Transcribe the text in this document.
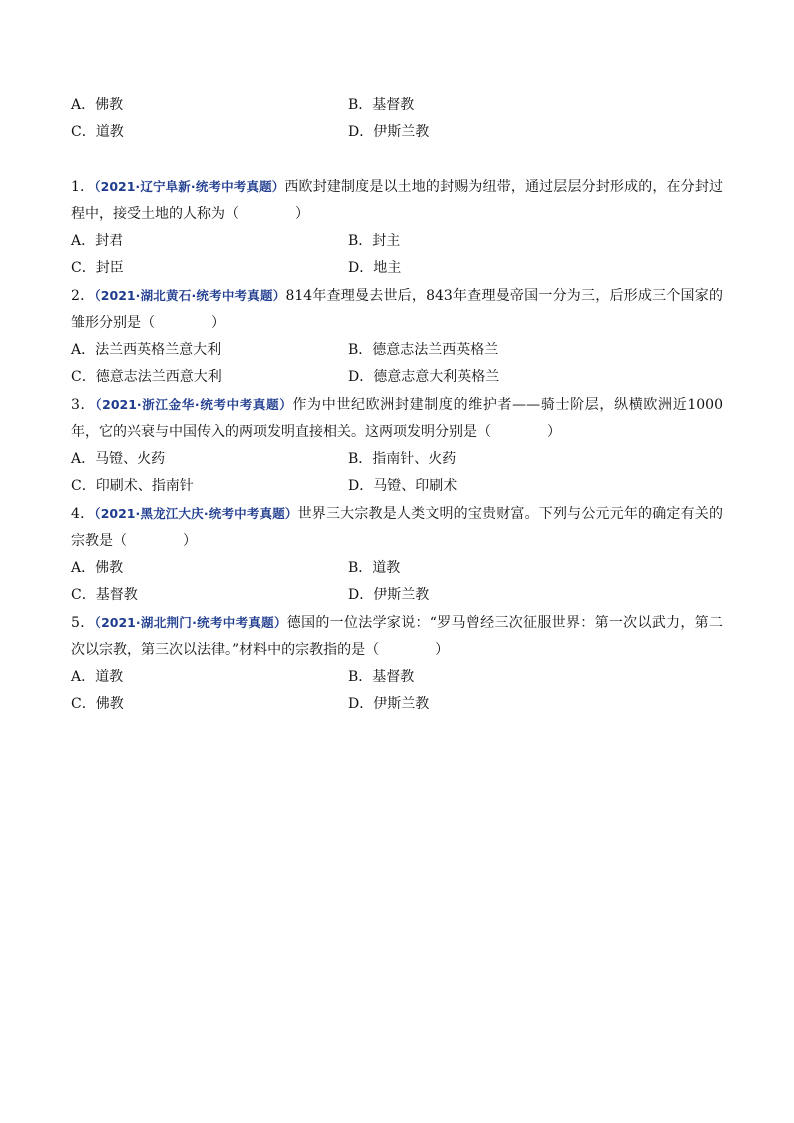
A．佛教	B．基督教
C．道教	D．伊斯兰教
1．（2021·辽宁阜新·统考中考真题）西欧封建制度是以土地的封赐为纽带，通过层层分封形成的，在分封过程中，接受土地的人称为（　　　　）
A．封君	B．封主
C．封臣	D．地主
2．（2021·湖北黄石·统考中考真题）814年查理曼去世后，843年查理曼帝国一分为三，后形成三个国家的雏形分别是（　　　　）
A．法兰西英格兰意大利	B．德意志法兰西英格兰
C．德意志法兰西意大利	D．德意志意大利英格兰
3．（2021·浙江金华·统考中考真题）作为中世纪欧洲封建制度的维护者——骑士阶层，纵横欧洲近1000年，它的兴衰与中国传入的两项发明直接相关。这两项发明分别是（　　　　）
A．马镫、火药	B．指南针、火药
C．印刷术、指南针	D．马镫、印刷术
4．（2021·黑龙江大庆·统考中考真题）世界三大宗教是人类文明的宝贵财富。下列与公元元年的确定有关的宗教是（　　　　）
A．佛教	B．道教
C．基督教	D．伊斯兰教
5．（2021·湖北荆门·统考中考真题）德国的一位法学家说：“罗马曾经三次征服世界：第一次以武力，第二次以宗教，第三次以法律。”材料中的宗教指的是（　　　　）
A．道教	B．基督教
C．佛教	D．伊斯兰教
